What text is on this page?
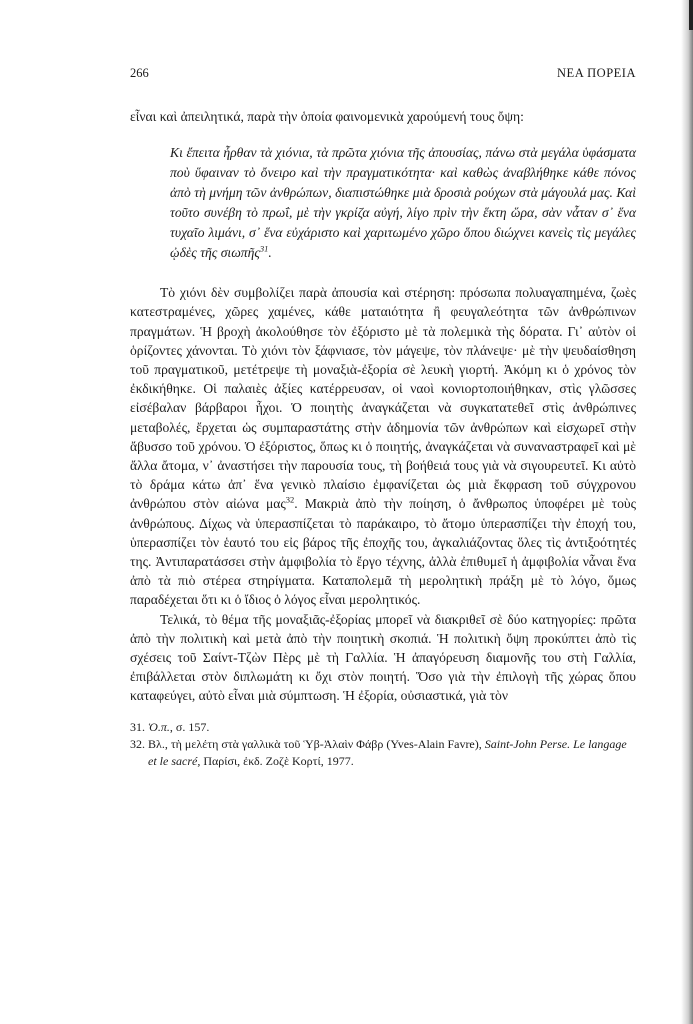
266	ΝΕΑ ΠΟΡΕΙΑ

εἶναι καὶ ἀπειλητικά, παρὰ τὴν ὁποία φαινομενικὰ χαρούμενή τους ὄψη:

Κι ἔπειτα ἦρθαν τὰ χιόνια, τὰ πρῶτα χιόνια τῆς ἀπουσίας, πάνω στὰ μεγάλα ὑφάσματα ποὺ ὕφαιναν τὸ ὄνειρο καὶ τὴν πραγματικότητα· καὶ καθὼς ἀναβλήθηκε κάθε πόνος ἀπὸ τὴ μνήμη τῶν ἀνθρώπων, διαπιστώθηκε μιὰ δροσιὰ ρούχων στὰ μάγουλά μας. Καὶ τοῦτο συνέβη τὸ πρωΐ, μὲ τὴν γκρίζα αὐγή, λίγο πρὶν τὴν ἕκτη ὥρα, σὰν νἆταν σ᾽ ἕνα τυχαῖο λιμάνι, σ᾽ ἕνα εὐχάριστο καὶ χαριτωμένο χῶρο ὅπου διώχνει κανεὶς τὶς μεγάλες ᾠδὲς τῆς σιωπῆς$^{31}$.

Τὸ χιόνι δὲν συμβολίζει παρὰ ἀπουσία καὶ στέρηση: πρόσωπα πολυαγαπημένα, ζωὲς κατεστραμένες, χῶρες χαμένες, κάθε ματαιότητα ἢ φευγαλεότητα τῶν ἀνθρώπινων πραγμάτων. Ἡ βροχὴ ἀκολούθησε τὸν ἐξόριστο μὲ τὰ πολεμικὰ τὴς δόρατα. Γι᾽ αὐτὸν οἱ ὁρίζοντες χάνονται. Τὸ χιόνι τὸν ξάφνιασε, τὸν μάγεψε, τὸν πλάνεψε· μὲ τὴν ψευδαίσθηση τοῦ πραγματικοῦ, μετέτρεψε τὴ μοναξιὰ-ἐξορία σὲ λευκὴ γιορτή. Ἀκόμη κι ὁ χρόνος τὸν ἐκδικήθηκε. Οἱ παλαιὲς ἀξίες κατέρρευσαν, οἱ ναοὶ κονιορτοποιήθηκαν, στὶς γλῶσσες εἰσέβαλαν βάρβαροι ἦχοι. Ὁ ποιητὴς ἀναγκάζεται νὰ συγκατατεθεῖ στὶς ἀνθρώπινες μεταβολές, ἔρχεται ὡς συμπαραστάτης στὴν ἀδημονία τῶν ἀνθρώπων καὶ εἰσχωρεῖ στὴν ἄβυσσο τοῦ χρόνου. Ὁ ἐξόριστος, ὅπως κι ὁ ποιητής, ἀναγκάζεται νὰ συναναστραφεῖ καὶ μὲ ἄλλα ἄτομα, ν᾽ ἀναστήσει τὴν παρουσία τους, τὴ βοήθειά τους γιὰ νὰ σιγουρευτεῖ. Κι αὐτὸ τὸ δράμα κάτω ἀπ᾽ ἕνα γενικὸ πλαίσιο ἐμφανίζεται ὡς μιὰ ἔκφραση τοῦ σύγχρονου ἀνθρώπου στὸν αἰώνα μας$^{32}$. Μακριὰ ἀπὸ τὴν ποίηση, ὁ ἄνθρωπος ὑποφέρει μὲ τοὺς ἀνθρώπους. Δίχως νὰ ὑπερασπίζεται τὸ παράκαιρο, τὸ ἄτομο ὑπερασπίζει τὴν ἐποχή του, ὑπερασπίζει τὸν ἑαυτό του εἰς βάρος τῆς ἐποχῆς του, ἀγκαλιάζοντας ὅλες τὶς ἀντιξοότητές της. Ἀντιπαρατάσσει στὴν ἀμφιβολία τὸ ἔργο τέχνης, ἀλλὰ ἐπιθυμεῖ ἡ ἀμφιβολία νἆναι ἕνα ἀπὸ τὰ πιὸ στέρεα στηρίγματα. Καταπολεμᾶ τὴ μερολητικὴ πράξη μὲ τὸ λόγο, ὅμως παραδέχεται ὅτι κι ὁ ἴδιος ὁ λόγος εἶναι μερολητικός.

Τελικά, τὸ θέμα τῆς μοναξιᾶς-ἐξορίας μπορεῖ νὰ διακριθεῖ σὲ δύο κατηγορίες: πρῶτα ἀπὸ τὴν πολιτικὴ καὶ μετὰ ἀπὸ τὴν ποιητικὴ σκοπιά. Ἡ πολιτικὴ ὄψη προκύπτει ἀπὸ τὶς σχέσεις τοῦ Σαίντ-Τζὼν Πὲρς μὲ τὴ Γαλλία. Ἡ ἀπαγόρευση διαμονῆς του στὴ Γαλλία, ἐπιβάλλεται στὸν διπλωμάτη κι ὄχι στὸν ποιητή. Ὅσο γιὰ τὴν ἐπιλογὴ τῆς χώρας ὅπου καταφεύγει, αὐτὸ εἶναι μιὰ σύμπτωση. Ἡ ἐξορία, οὐσιαστικά, γιὰ τὸν

31. Ὁ.π., σ. 157.
32. Βλ., τὴ μελέτη στὰ γαλλικὰ τοῦ Ὑβ-Ἀλαὶν Φάβρ (Yves-Alain Favre), Saint-John Perse. Le langage et le sacré, Παρίσι, ἐκδ. Ζοζὲ Κορτί, 1977.
